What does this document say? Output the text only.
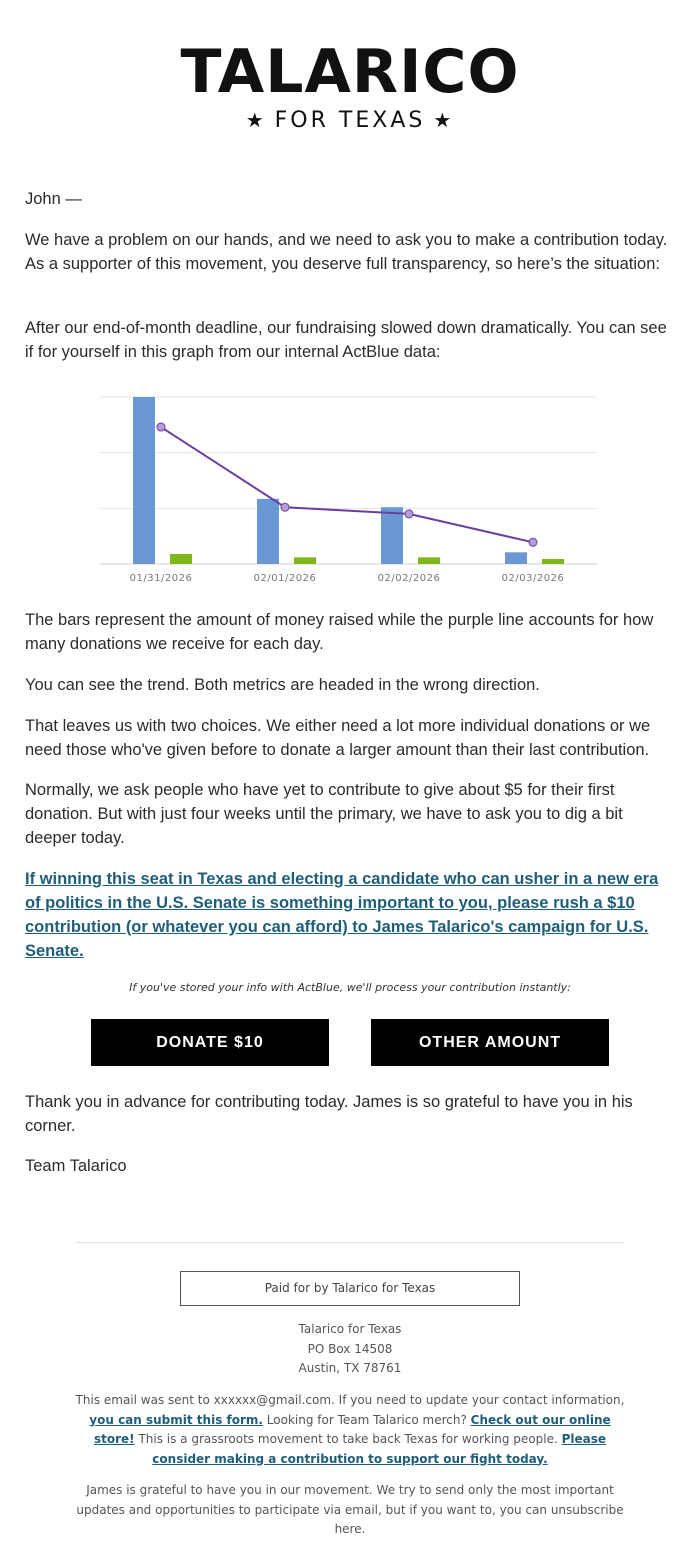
TALARICO
★ FOR TEXAS ★

John —

We have a problem on our hands, and we need to ask you to make a contribution today. As a supporter of this movement, you deserve full transparency, so here’s the situation:

After our end-of-month deadline, our fundraising slowed down dramatically. You can see if for yourself in this graph from our internal ActBlue data:

01/31/2026	02/01/2026	02/02/2026	02/03/2026

The bars represent the amount of money raised while the purple line accounts for how many donations we receive for each day.

You can see the trend. Both metrics are headed in the wrong direction.

That leaves us with two choices. We either need a lot more individual donations or we need those who've given before to donate a larger amount than their last contribution.

Normally, we ask people who have yet to contribute to give about $5 for their first donation. But with just four weeks until the primary, we have to ask you to dig a bit deeper today.

If winning this seat in Texas and electing a candidate who can usher in a new era of politics in the U.S. Senate is something important to you, please rush a $10 contribution (or whatever you can afford) to James Talarico's campaign for U.S. Senate.
If you've stored your info with ActBlue, we'll process your contribution instantly:
DONATE $10	OTHER AMOUNT

Thank you in advance for contributing today. James is so grateful to have you in his corner.

Team Talarico

Paid for by Talarico for Texas
Talarico for Texas
PO Box 14508
Austin, TX 78761
This email was sent to xxxxxx@gmail.com. If you need to update your contact information, you can submit this form. Looking for Team Talarico merch? Check out our online store! This is a grassroots movement to take back Texas for working people. Please consider making a contribution to support our fight today.
James is grateful to have you in our movement. We try to send only the most important updates and opportunities to participate via email, but if you want to, you can unsubscribe here.
